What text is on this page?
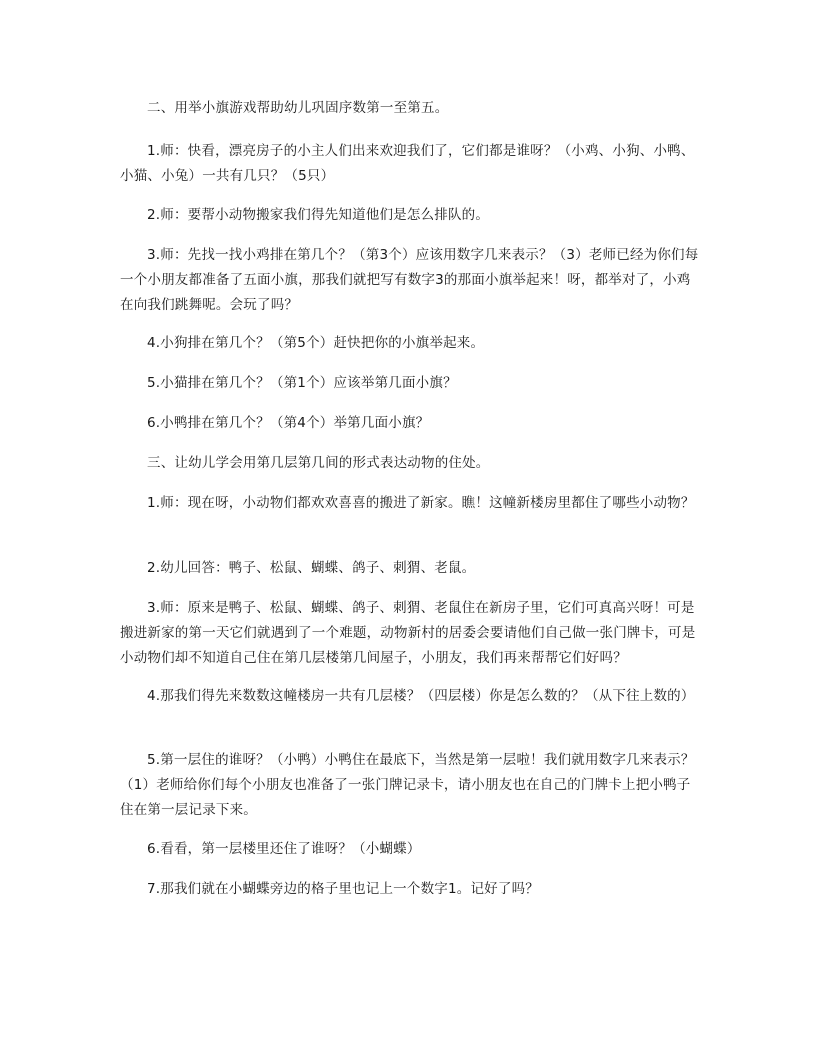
二、用举小旗游戏帮助幼儿巩固序数第一至第五。

1.师：快看，漂亮房子的小主人们出来欢迎我们了，它们都是谁呀？（小鸡、小狗、小鸭、小猫、小兔）一共有几只？（5只）

2.师：要帮小动物搬家我们得先知道他们是怎么排队的。

3.师：先找一找小鸡排在第几个？（第3个）应该用数字几来表示？（3）老师已经为你们每一个小朋友都准备了五面小旗，那我们就把写有数字3的那面小旗举起来！呀，都举对了，小鸡在向我们跳舞呢。会玩了吗？

4.小狗排在第几个？（第5个）赶快把你的小旗举起来。

5.小猫排在第几个？（第1个）应该举第几面小旗？

6.小鸭排在第几个？（第4个）举第几面小旗？

三、让幼儿学会用第几层第几间的形式表达动物的住处。

1.师：现在呀，小动物们都欢欢喜喜的搬进了新家。瞧！这幢新楼房里都住了哪些小动物？

2.幼儿回答：鸭子、松鼠、蝴蝶、鸽子、刺猬、老鼠。

3.师：原来是鸭子、松鼠、蝴蝶、鸽子、刺猬、老鼠住在新房子里，它们可真高兴呀！可是搬进新家的第一天它们就遇到了一个难题，动物新村的居委会要请他们自己做一张门牌卡，可是小动物们却不知道自己住在第几层楼第几间屋子，小朋友，我们再来帮帮它们好吗？

4.那我们得先来数数这幢楼房一共有几层楼？（四层楼）你是怎么数的？（从下往上数的）

5.第一层住的谁呀？（小鸭）小鸭住在最底下，当然是第一层啦！我们就用数字几来表示？（1）老师给你们每个小朋友也准备了一张门牌记录卡，请小朋友也在自己的门牌卡上把小鸭子住在第一层记录下来。

6.看看，第一层楼里还住了谁呀？（小蝴蝶）

7.那我们就在小蝴蝶旁边的格子里也记上一个数字1。记好了吗？
